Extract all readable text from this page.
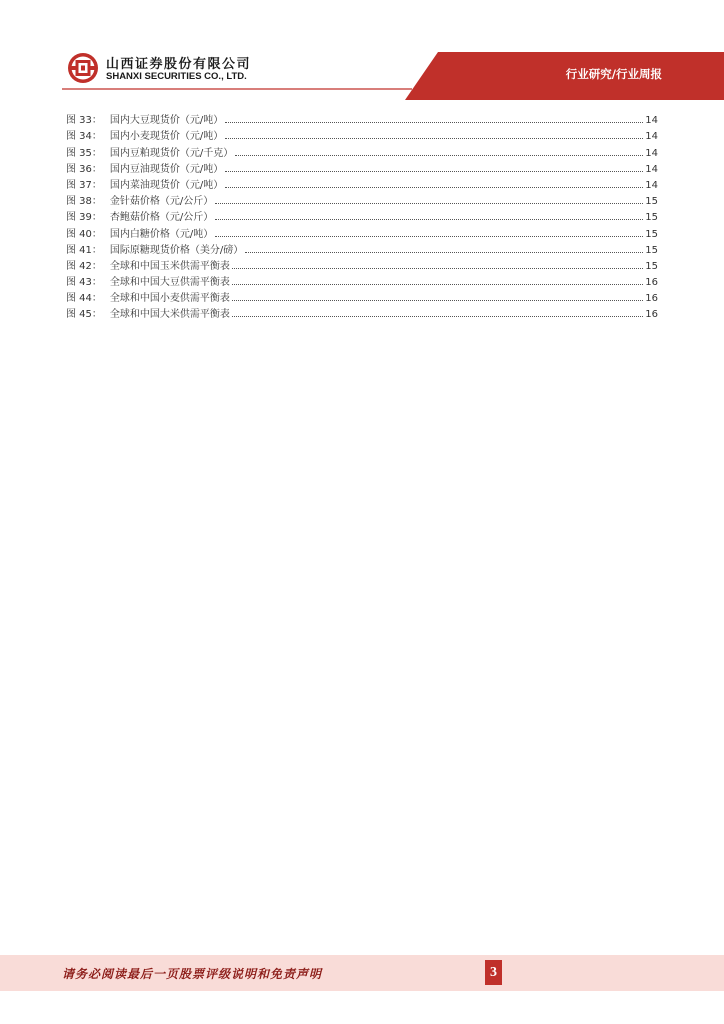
山西证券股份有限公司
SHANXI SECURITIES CO., LTD.	行业研究/行业周报
图 33： 国内大豆现货价（元/吨）	14
图 34： 国内小麦现货价（元/吨）	14
图 35： 国内豆粕现货价（元/千克）	14
图 36： 国内豆油现货价（元/吨）	14
图 37： 国内菜油现货价（元/吨）	14
图 38： 金针菇价格（元/公斤）	15
图 39： 杏鲍菇价格（元/公斤）	15
图 40： 国内白糖价格（元/吨）	15
图 41： 国际原糖现货价格（美分/磅）	15
图 42： 全球和中国玉米供需平衡表	15
图 43： 全球和中国大豆供需平衡表	16
图 44： 全球和中国小麦供需平衡表	16
图 45： 全球和中国大米供需平衡表	16
请务必阅读最后一页股票评级说明和免责声明	3
